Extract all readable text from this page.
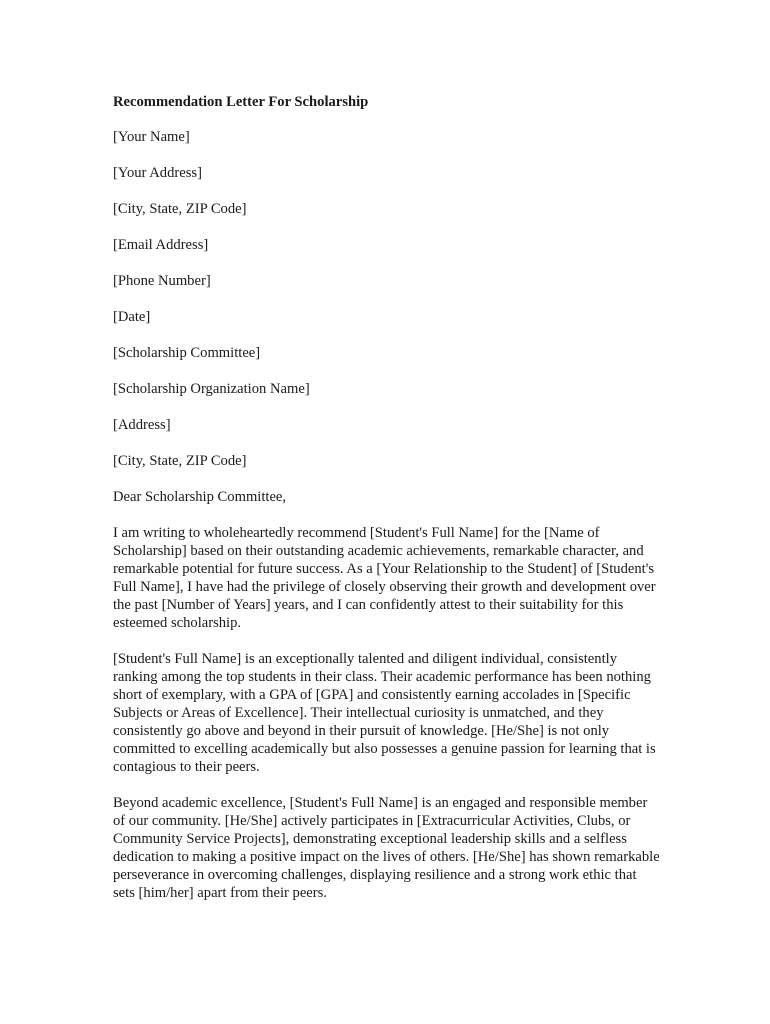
Recommendation Letter For Scholarship
[Your Name]
[Your Address]
[City, State, ZIP Code]
[Email Address]
[Phone Number]
[Date]
[Scholarship Committee]
[Scholarship Organization Name]
[Address]
[City, State, ZIP Code]
Dear Scholarship Committee,
I am writing to wholeheartedly recommend [Student's Full Name] for the [Name of Scholarship] based on their outstanding academic achievements, remarkable character, and remarkable potential for future success. As a [Your Relationship to the Student] of [Student's Full Name], I have had the privilege of closely observing their growth and development over the past [Number of Years] years, and I can confidently attest to their suitability for this esteemed scholarship.
[Student's Full Name] is an exceptionally talented and diligent individual, consistently ranking among the top students in their class. Their academic performance has been nothing short of exemplary, with a GPA of [GPA] and consistently earning accolades in [Specific Subjects or Areas of Excellence]. Their intellectual curiosity is unmatched, and they consistently go above and beyond in their pursuit of knowledge. [He/She] is not only committed to excelling academically but also possesses a genuine passion for learning that is contagious to their peers.
Beyond academic excellence, [Student's Full Name] is an engaged and responsible member of our community. [He/She] actively participates in [Extracurricular Activities, Clubs, or Community Service Projects], demonstrating exceptional leadership skills and a selfless dedication to making a positive impact on the lives of others. [He/She] has shown remarkable perseverance in overcoming challenges, displaying resilience and a strong work ethic that sets [him/her] apart from their peers.
